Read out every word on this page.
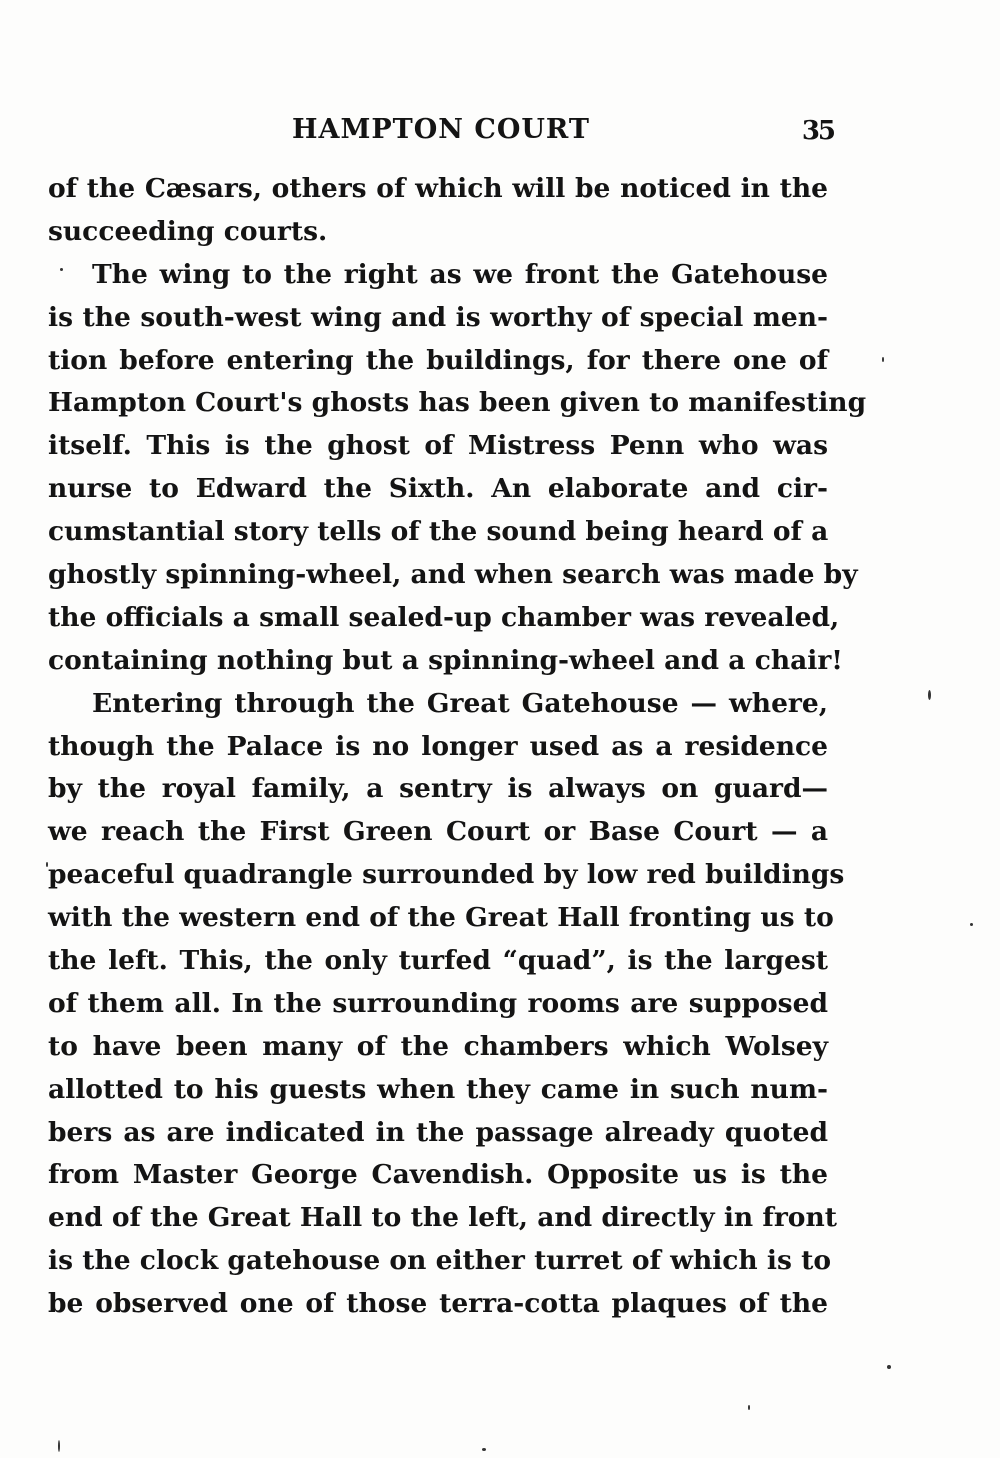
HAMPTON COURT	35
of the Cæsars, others of which will be noticed in the
succeeding courts.
The wing to the right as we front the Gatehouse
is the south-west wing and is worthy of special men-
tion before entering the buildings, for there one of
Hampton Court's ghosts has been given to manifesting
itself. This is the ghost of Mistress Penn who was
nurse to Edward the Sixth. An elaborate and cir-
cumstantial story tells of the sound being heard of a
ghostly spinning-wheel, and when search was made by
the officials a small sealed-up chamber was revealed,
containing nothing but a spinning-wheel and a chair!
Entering through the Great Gatehouse — where,
though the Palace is no longer used as a residence
by the royal family, a sentry is always on guard—
we reach the First Green Court or Base Court — a
peaceful quadrangle surrounded by low red buildings
with the western end of the Great Hall fronting us to
the left. This, the only turfed “quad”, is the largest
of them all. In the surrounding rooms are supposed
to have been many of the chambers which Wolsey
allotted to his guests when they came in such num-
bers as are indicated in the passage already quoted
from Master George Cavendish. Opposite us is the
end of the Great Hall to the left, and directly in front
is the clock gatehouse on either turret of which is to
be observed one of those terra-cotta plaques of the
